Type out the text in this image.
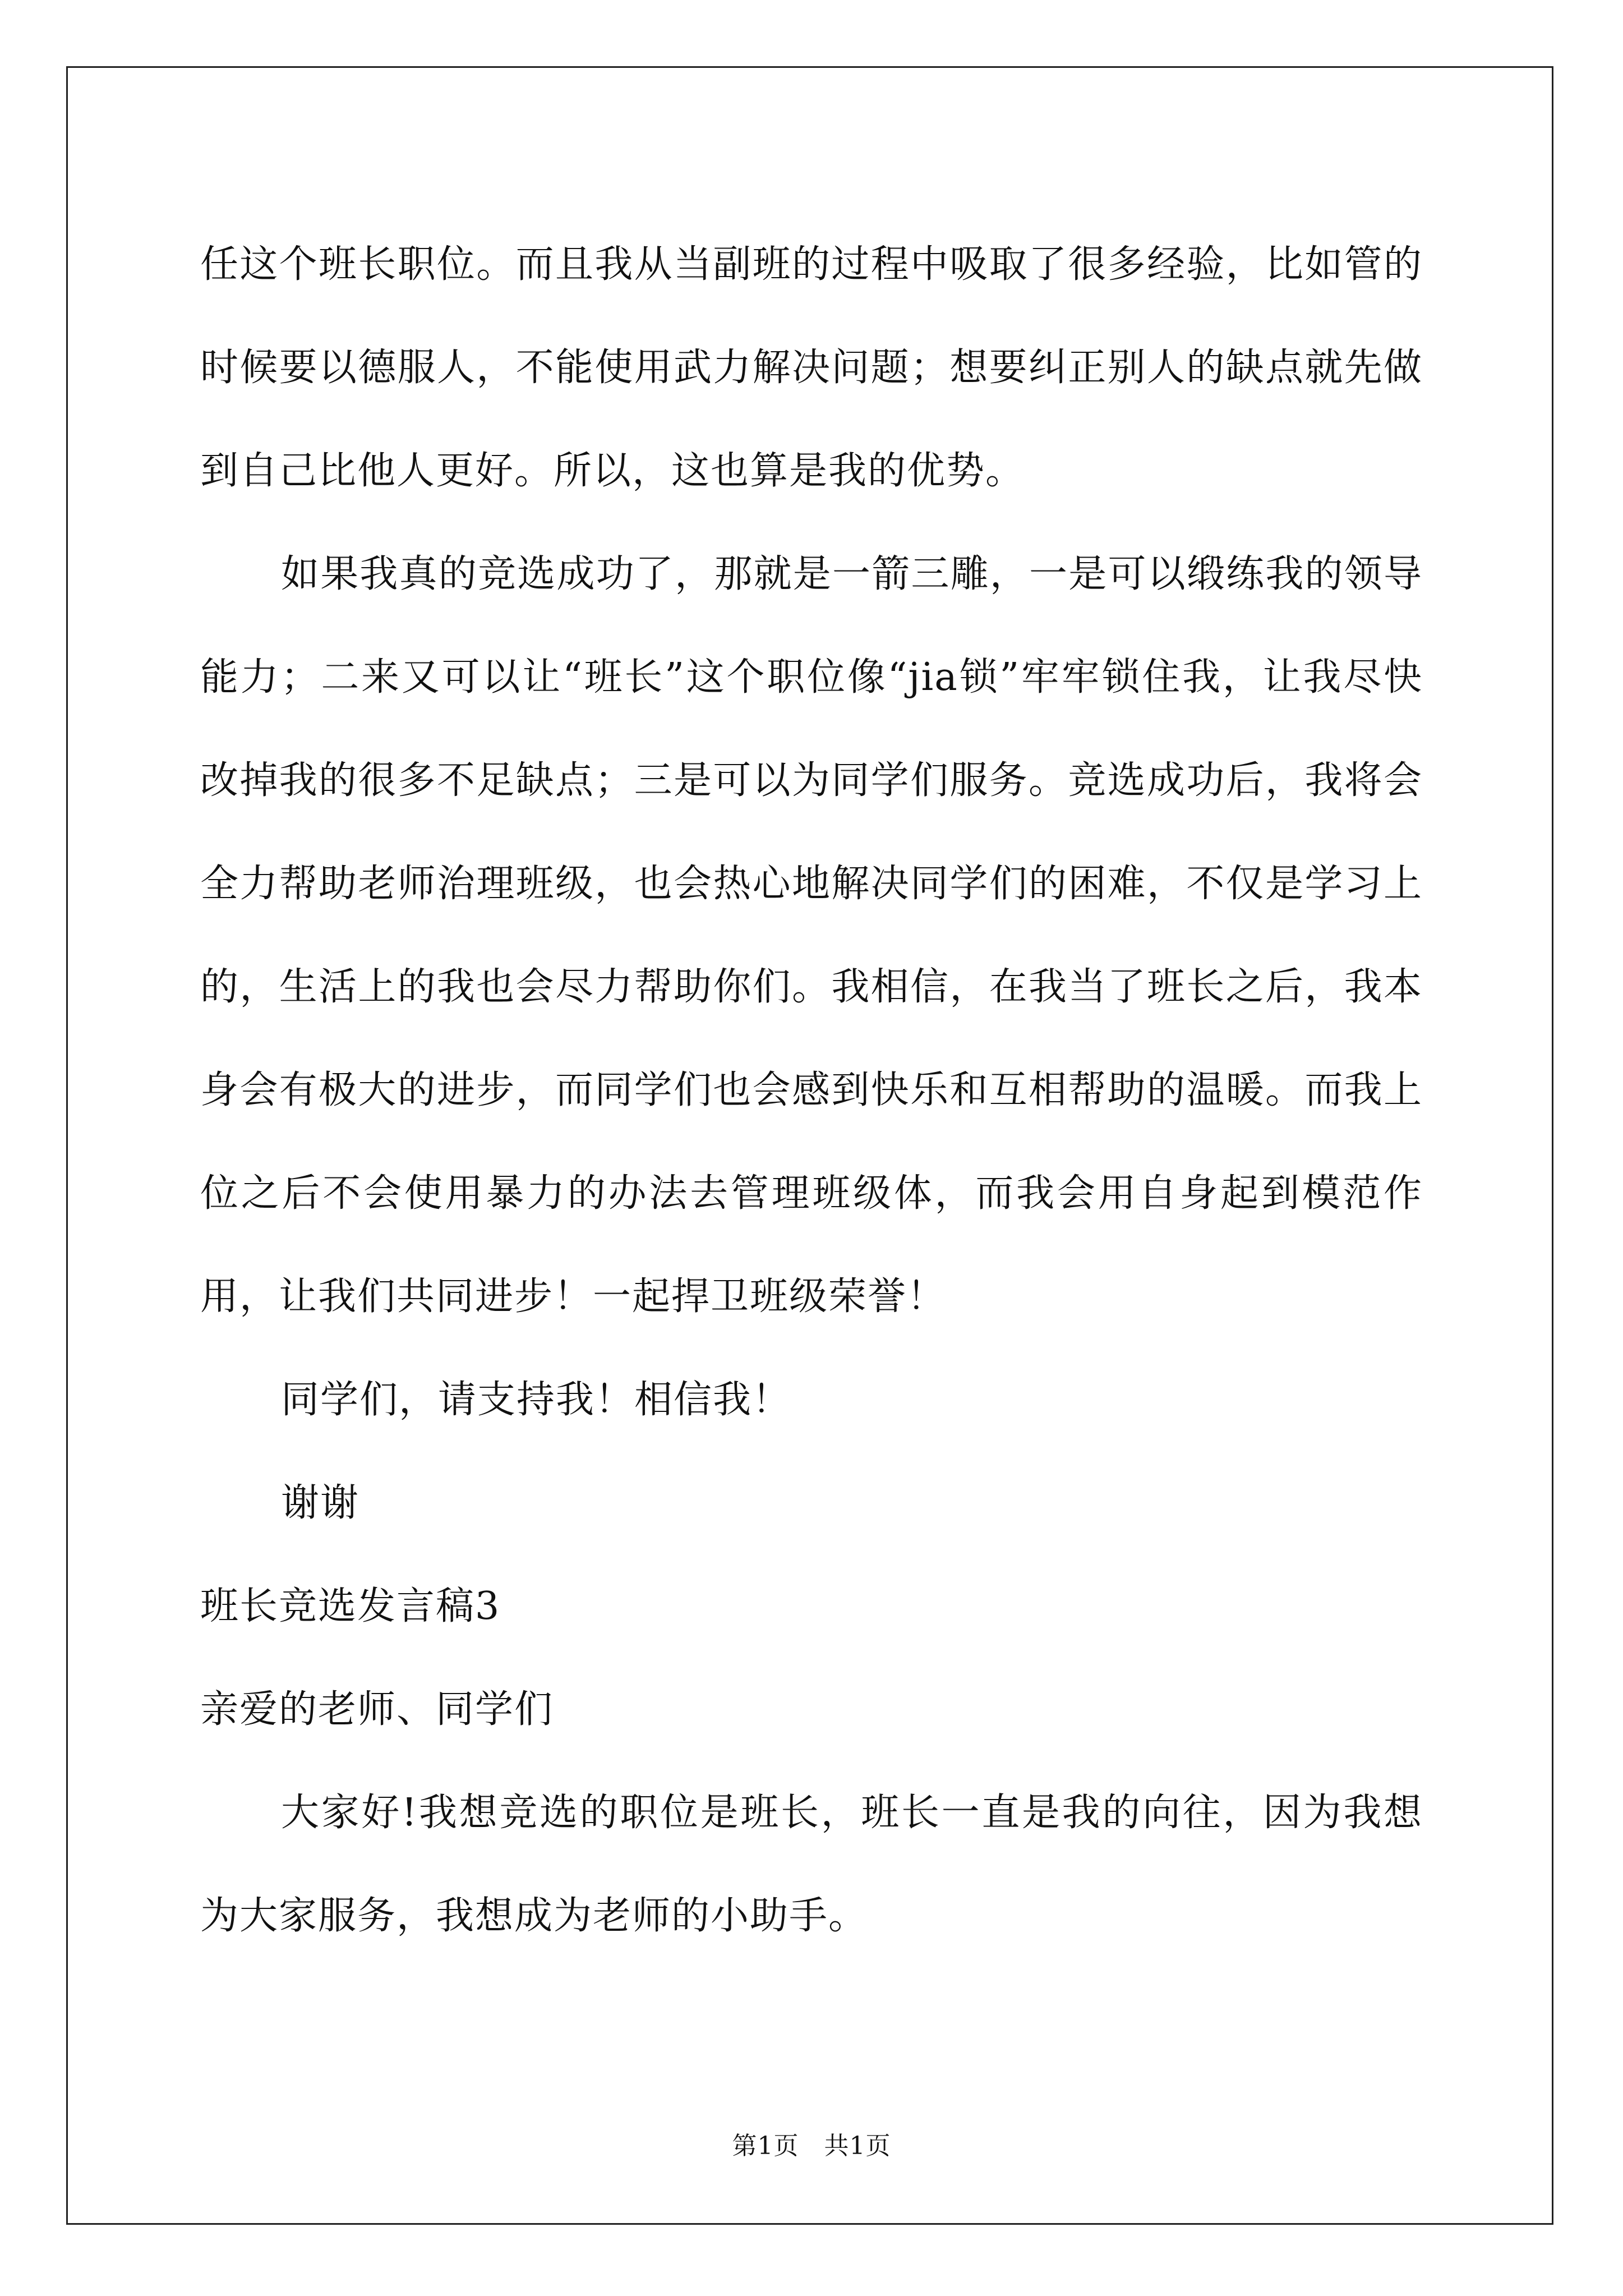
任这个班长职位。而且我从当副班的过程中吸取了很多经验，比如管的时候要以德服人，不能使用武力解决问题；想要纠正别人的缺点就先做到自己比他人更好。所以，这也算是我的优势。

如果我真的竞选成功了，那就是一箭三雕，一是可以缎练我的领导能力；二来又可以让“班长”这个职位像“jia锁”牢牢锁住我，让我尽快改掉我的很多不足缺点；三是可以为同学们服务。竞选成功后，我将会全力帮助老师治理班级，也会热心地解决同学们的困难，不仅是学习上的，生活上的我也会尽力帮助你们。我相信，在我当了班长之后，我本身会有极大的进步，而同学们也会感到快乐和互相帮助的温暖。而我上位之后不会使用暴力的办法去管理班级体，而我会用自身起到模范作用，让我们共同进步！一起捍卫班级荣誉！

同学们，请支持我！相信我！

谢谢

班长竞选发言稿3

亲爱的老师、同学们

大家好!我想竞选的职位是班长，班长一直是我的向往，因为我想为大家服务，我想成为老师的小助手。

第1页　共1页
